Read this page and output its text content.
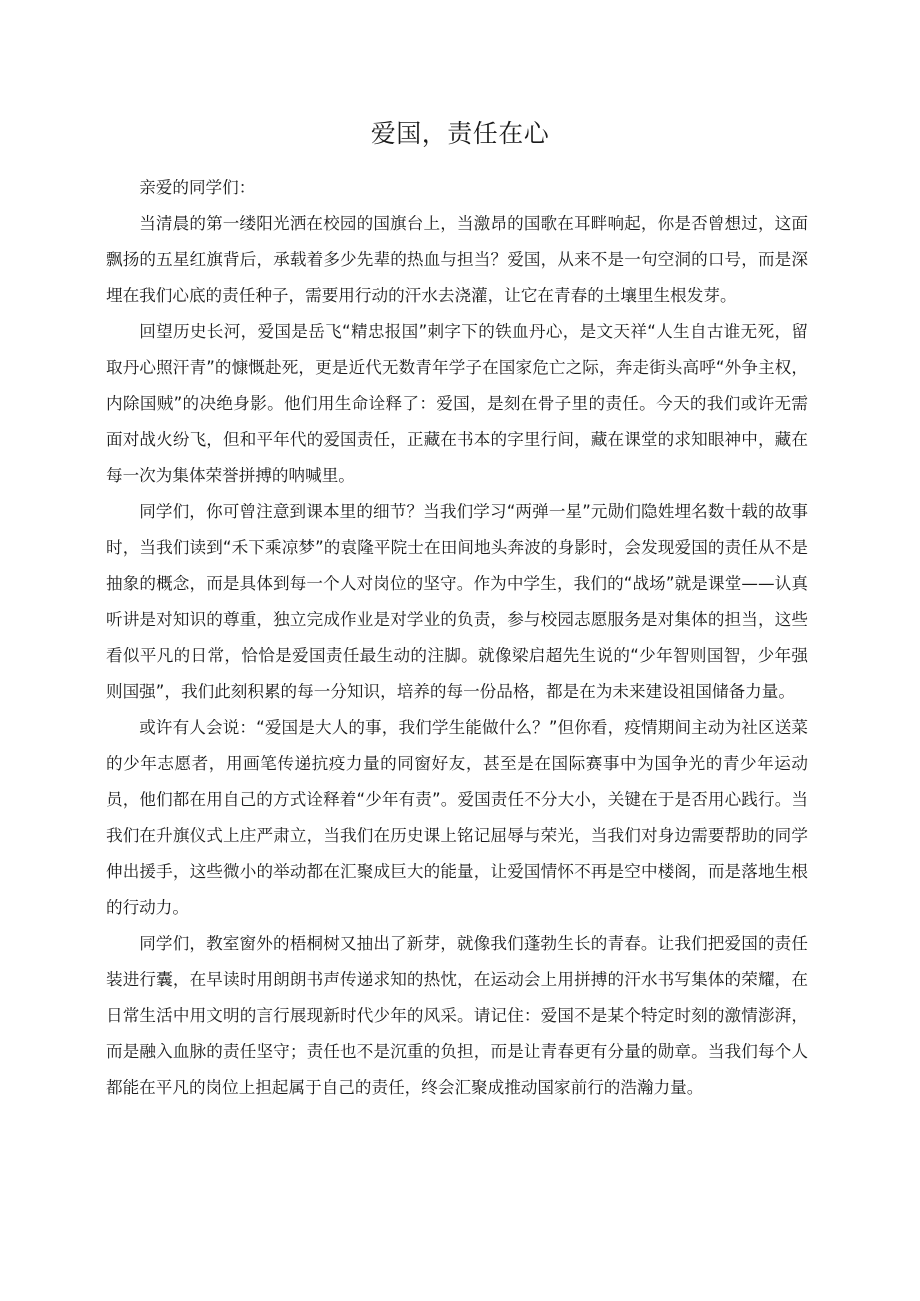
爱国，责任在心

亲爱的同学们：

当清晨的第一缕阳光洒在校园的国旗台上，当激昂的国歌在耳畔响起，你是否曾想过，这面飘扬的五星红旗背后，承载着多少先辈的热血与担当？爱国，从来不是一句空洞的口号，而是深埋在我们心底的责任种子，需要用行动的汗水去浇灌，让它在青春的土壤里生根发芽。

回望历史长河，爱国是岳飞“精忠报国”刺字下的铁血丹心，是文天祥“人生自古谁无死，留取丹心照汗青”的慷慨赴死，更是近代无数青年学子在国家危亡之际，奔走街头高呼“外争主权，内除国贼”的决绝身影。他们用生命诠释了：爱国，是刻在骨子里的责任。今天的我们或许无需面对战火纷飞，但和平年代的爱国责任，正藏在书本的字里行间，藏在课堂的求知眼神中，藏在每一次为集体荣誉拼搏的呐喊里。

同学们，你可曾注意到课本里的细节？当我们学习“两弹一星”元勋们隐姓埋名数十载的故事时，当我们读到“禾下乘凉梦”的袁隆平院士在田间地头奔波的身影时，会发现爱国的责任从不是抽象的概念，而是具体到每一个人对岗位的坚守。作为中学生，我们的“战场”就是课堂——认真听讲是对知识的尊重，独立完成作业是对学业的负责，参与校园志愿服务是对集体的担当，这些看似平凡的日常，恰恰是爱国责任最生动的注脚。就像梁启超先生说的“少年智则国智，少年强则国强”，我们此刻积累的每一分知识，培养的每一份品格，都是在为未来建设祖国储备力量。

或许有人会说：“爱国是大人的事，我们学生能做什么？”但你看，疫情期间主动为社区送菜的少年志愿者，用画笔传递抗疫力量的同窗好友，甚至是在国际赛事中为国争光的青少年运动员，他们都在用自己的方式诠释着“少年有责”。爱国责任不分大小，关键在于是否用心践行。当我们在升旗仪式上庄严肃立，当我们在历史课上铭记屈辱与荣光，当我们对身边需要帮助的同学伸出援手，这些微小的举动都在汇聚成巨大的能量，让爱国情怀不再是空中楼阁，而是落地生根的行动力。

同学们，教室窗外的梧桐树又抽出了新芽，就像我们蓬勃生长的青春。让我们把爱国的责任装进行囊，在早读时用朗朗书声传递求知的热忱，在运动会上用拼搏的汗水书写集体的荣耀，在日常生活中用文明的言行展现新时代少年的风采。请记住：爱国不是某个特定时刻的激情澎湃，而是融入血脉的责任坚守；责任也不是沉重的负担，而是让青春更有分量的勋章。当我们每个人都能在平凡的岗位上担起属于自己的责任，终会汇聚成推动国家前行的浩瀚力量。
